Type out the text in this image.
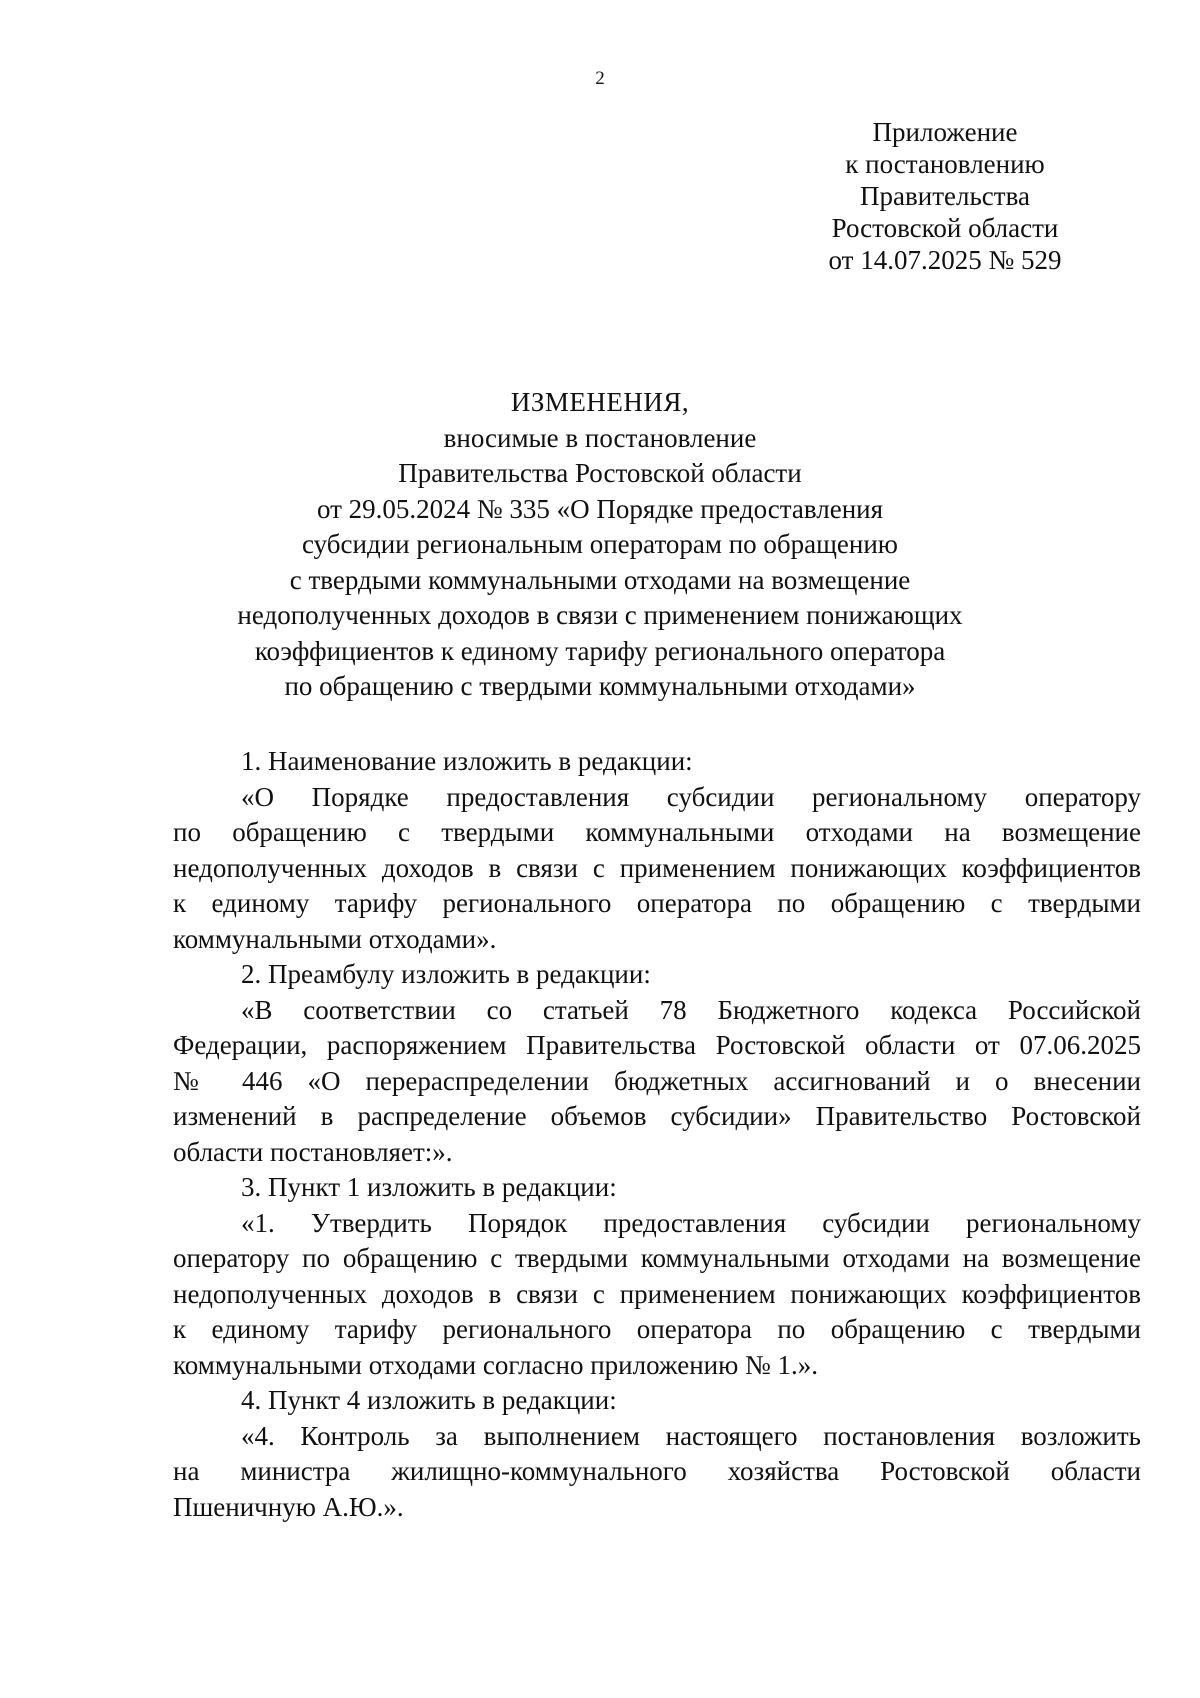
2
Приложение
к постановлению
Правительства
Ростовской области
от 14.07.2025 № 529
ИЗМЕНЕНИЯ,
вносимые в постановление
Правительства Ростовской области
от 29.05.2024 № 335 «О Порядке предоставления
субсидии региональным операторам по обращению
с твердыми коммунальными отходами на возмещение
недополученных доходов в связи с применением понижающих
коэффициентов к единому тарифу регионального оператора
по обращению с твердыми коммунальными отходами»
1. Наименование изложить в редакции:
«О Порядке предоставления субсидии региональному оператору
по обращению с твердыми коммунальными отходами на возмещение
недополученных доходов в связи с применением понижающих коэффициентов
к единому тарифу регионального оператора по обращению с твердыми
коммунальными отходами».
2. Преамбулу изложить в редакции:
«В соответствии со статьей 78 Бюджетного кодекса Российской
Федерации, распоряжением Правительства Ростовской области от 07.06.2025
№ 446 «О перераспределении бюджетных ассигнований и о внесении
изменений в распределение объемов субсидии» Правительство Ростовской
области постановляет:».
3. Пункт 1 изложить в редакции:
«1. Утвердить Порядок предоставления субсидии региональному
оператору по обращению с твердыми коммунальными отходами на возмещение
недополученных доходов в связи с применением понижающих коэффициентов
к единому тарифу регионального оператора по обращению с твердыми
коммунальными отходами согласно приложению № 1.».
4. Пункт 4 изложить в редакции:
«4. Контроль за выполнением настоящего постановления возложить
на министра жилищно-коммунального хозяйства Ростовской области
Пшеничную А.Ю.».
